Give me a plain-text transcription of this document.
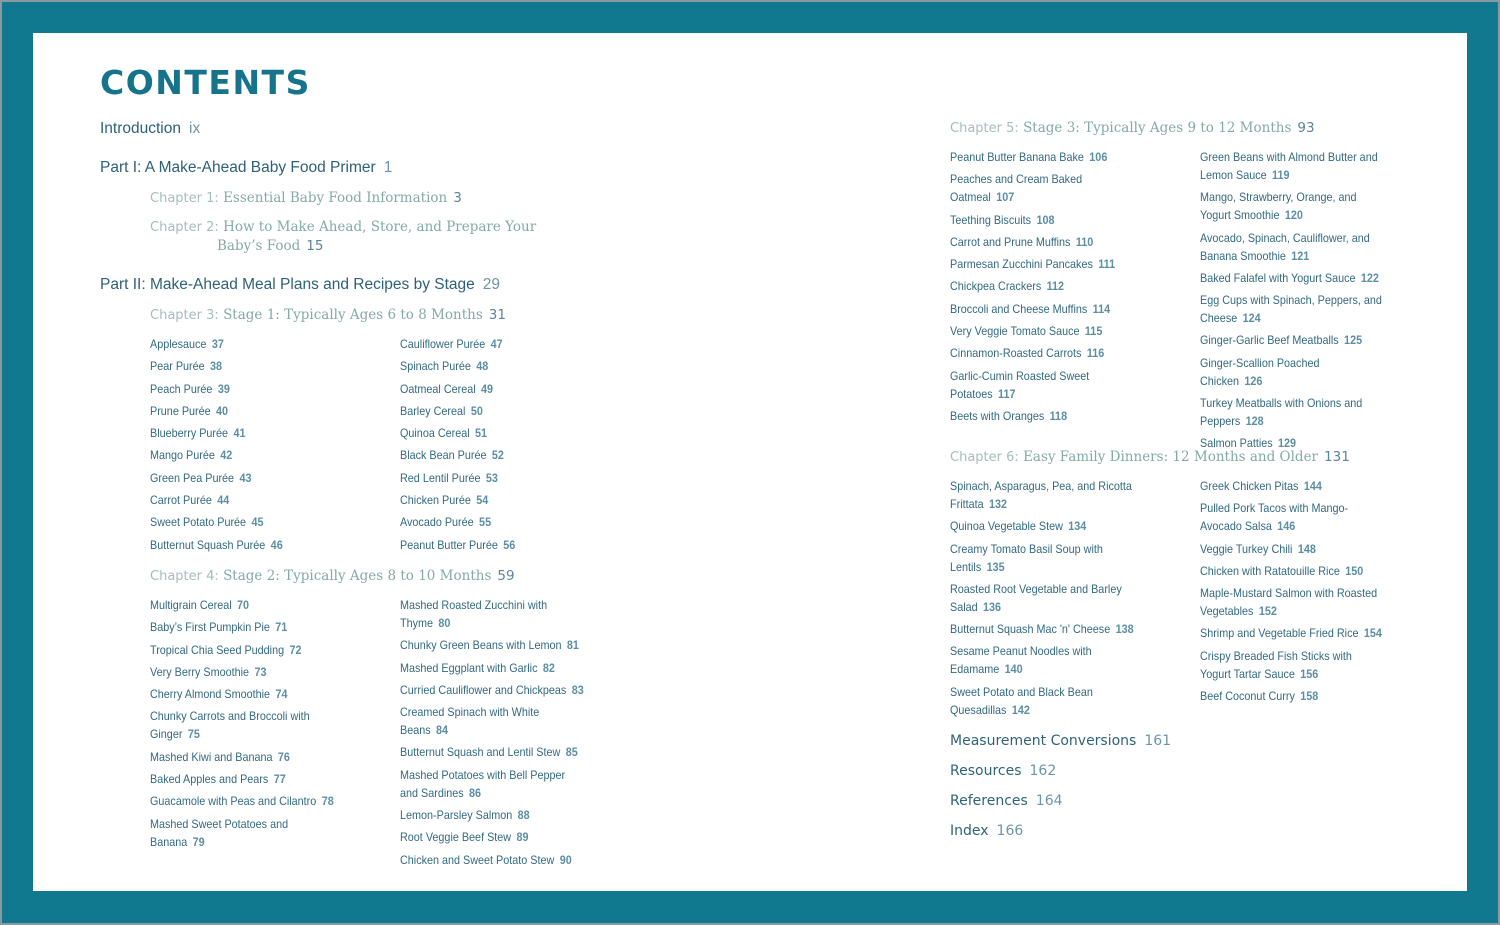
CONTENTS
Introduction ix
Part I: A Make-Ahead Baby Food Primer 1
Chapter 1: Essential Baby Food Information 3
Chapter 2: How to Make Ahead, Store, and Prepare Your
Baby’s Food 15
Part II: Make-Ahead Meal Plans and Recipes by Stage 29
Chapter 3: Stage 1: Typically Ages 6 to 8 Months 31
Applesauce 37
Pear Purée 38
Peach Purée 39
Prune Purée 40
Blueberry Purée 41
Mango Purée 42
Green Pea Purée 43
Carrot Purée 44
Sweet Potato Purée 45
Butternut Squash Purée 46
Cauliflower Purée 47
Spinach Purée 48
Oatmeal Cereal 49
Barley Cereal 50
Quinoa Cereal 51
Black Bean Purée 52
Red Lentil Purée 53
Chicken Purée 54
Avocado Purée 55
Peanut Butter Purée 56
Chapter 4: Stage 2: Typically Ages 8 to 10 Months 59
Multigrain Cereal 70
Baby’s First Pumpkin Pie 71
Tropical Chia Seed Pudding 72
Very Berry Smoothie 73
Cherry Almond Smoothie 74
Chunky Carrots and Broccoli with Ginger 75
Mashed Kiwi and Banana 76
Baked Apples and Pears 77
Guacamole with Peas and Cilantro 78
Mashed Sweet Potatoes and Banana 79
Mashed Roasted Zucchini with Thyme 80
Chunky Green Beans with Lemon 81
Mashed Eggplant with Garlic 82
Curried Cauliflower and Chickpeas 83
Creamed Spinach with White Beans 84
Butternut Squash and Lentil Stew 85
Mashed Potatoes with Bell Pepper and Sardines 86
Lemon-Parsley Salmon 88
Root Veggie Beef Stew 89
Chicken and Sweet Potato Stew 90
Chapter 5: Stage 3: Typically Ages 9 to 12 Months 93
Peanut Butter Banana Bake 106
Peaches and Cream Baked Oatmeal 107
Teething Biscuits 108
Carrot and Prune Muffins 110
Parmesan Zucchini Pancakes 111
Chickpea Crackers 112
Broccoli and Cheese Muffins 114
Very Veggie Tomato Sauce 115
Cinnamon-Roasted Carrots 116
Garlic-Cumin Roasted Sweet Potatoes 117
Beets with Oranges 118
Green Beans with Almond Butter and Lemon Sauce 119
Mango, Strawberry, Orange, and Yogurt Smoothie 120
Avocado, Spinach, Cauliflower, and Banana Smoothie 121
Baked Falafel with Yogurt Sauce 122
Egg Cups with Spinach, Peppers, and Cheese 124
Ginger-Garlic Beef Meatballs 125
Ginger-Scallion Poached Chicken 126
Turkey Meatballs with Onions and Peppers 128
Salmon Patties 129
Chapter 6: Easy Family Dinners: 12 Months and Older 131
Spinach, Asparagus, Pea, and Ricotta Frittata 132
Quinoa Vegetable Stew 134
Creamy Tomato Basil Soup with Lentils 135
Roasted Root Vegetable and Barley Salad 136
Butternut Squash Mac 'n' Cheese 138
Sesame Peanut Noodles with Edamame 140
Sweet Potato and Black Bean Quesadillas 142
Greek Chicken Pitas 144
Pulled Pork Tacos with Mango-Avocado Salsa 146
Veggie Turkey Chili 148
Chicken with Ratatouille Rice 150
Maple-Mustard Salmon with Roasted Vegetables 152
Shrimp and Vegetable Fried Rice 154
Crispy Breaded Fish Sticks with Yogurt Tartar Sauce 156
Beef Coconut Curry 158
Measurement Conversions 161
Resources 162
References 164
Index 166
